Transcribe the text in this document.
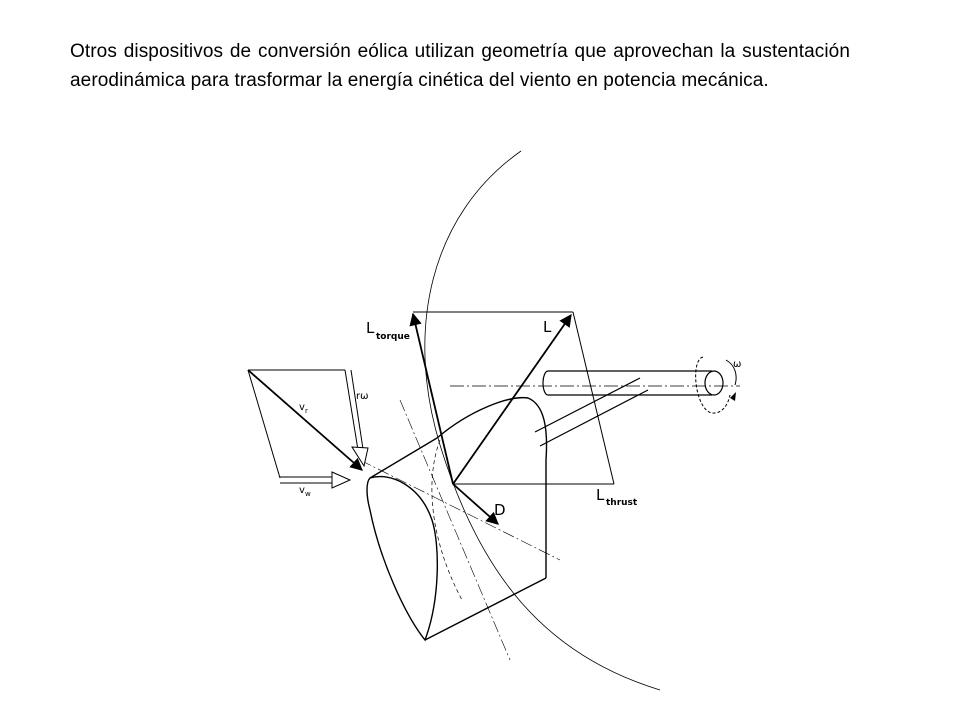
Otros dispositivos de conversión eólica utilizan geometría que aprovechan la sustentación aerodinámica para trasformar la energía cinética del viento en potencia mecánica.
ω
L torque
L
L thrust
D
v r
rω
v w
